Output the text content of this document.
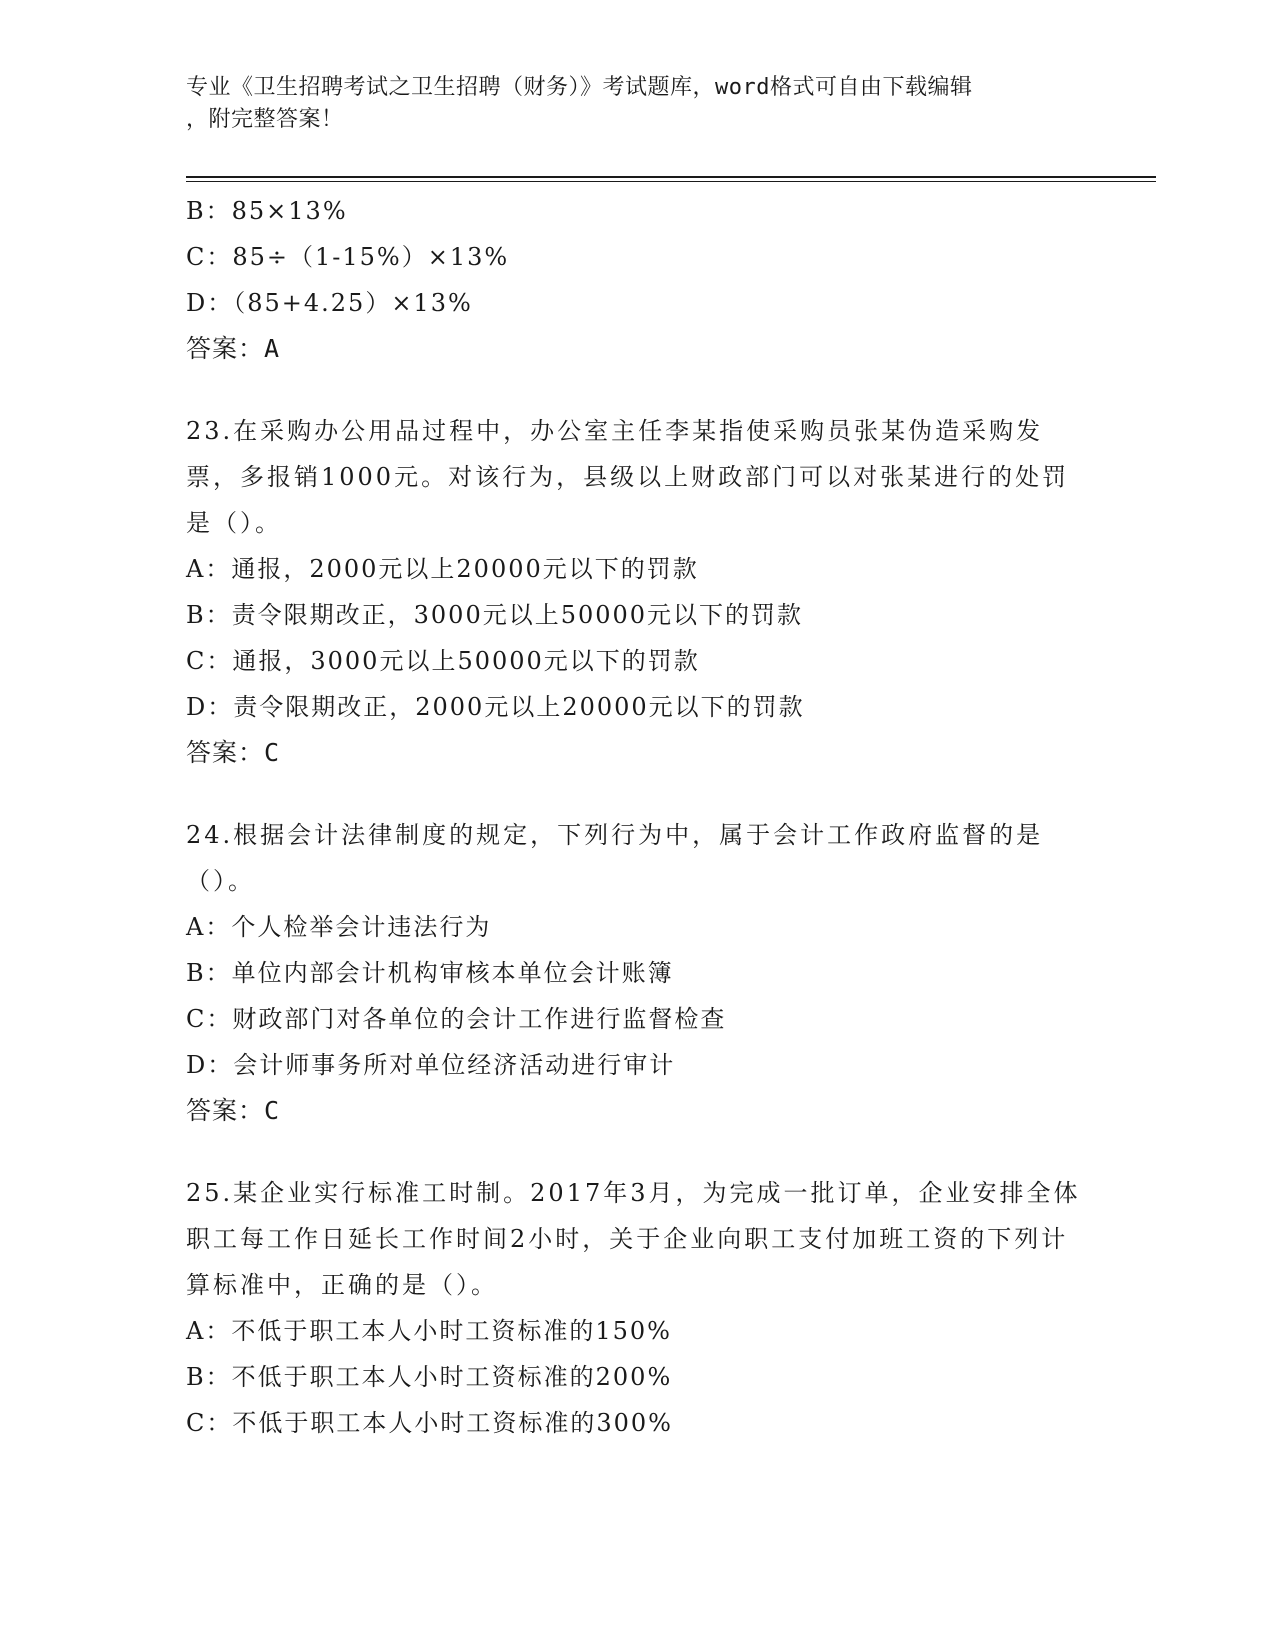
专业《卫生招聘考试之卫生招聘（财务）》考试题库，word格式可自由下载编辑
，附完整答案！
B：85×13%
C：85÷（1-15%）×13%
D：（85+4.25）×13%
答案：A
23.在采购办公用品过程中，办公室主任李某指使采购员张某伪造采购发票，多报销1000元。对该行为，县级以上财政部门可以对张某进行的处罚是（）。
A：通报，2000元以上20000元以下的罚款
B：责令限期改正，3000元以上50000元以下的罚款
C：通报，3000元以上50000元以下的罚款
D：责令限期改正，2000元以上20000元以下的罚款
答案：C
24.根据会计法律制度的规定，下列行为中，属于会计工作政府监督的是（）。
A：个人检举会计违法行为
B：单位内部会计机构审核本单位会计账簿
C：财政部门对各单位的会计工作进行监督检查
D：会计师事务所对单位经济活动进行审计
答案：C
25.某企业实行标准工时制。2017年3月，为完成一批订单，企业安排全体职工每工作日延长工作时间2小时，关于企业向职工支付加班工资的下列计算标准中，正确的是（）。
A：不低于职工本人小时工资标准的150%
B：不低于职工本人小时工资标准的200%
C：不低于职工本人小时工资标准的300%
